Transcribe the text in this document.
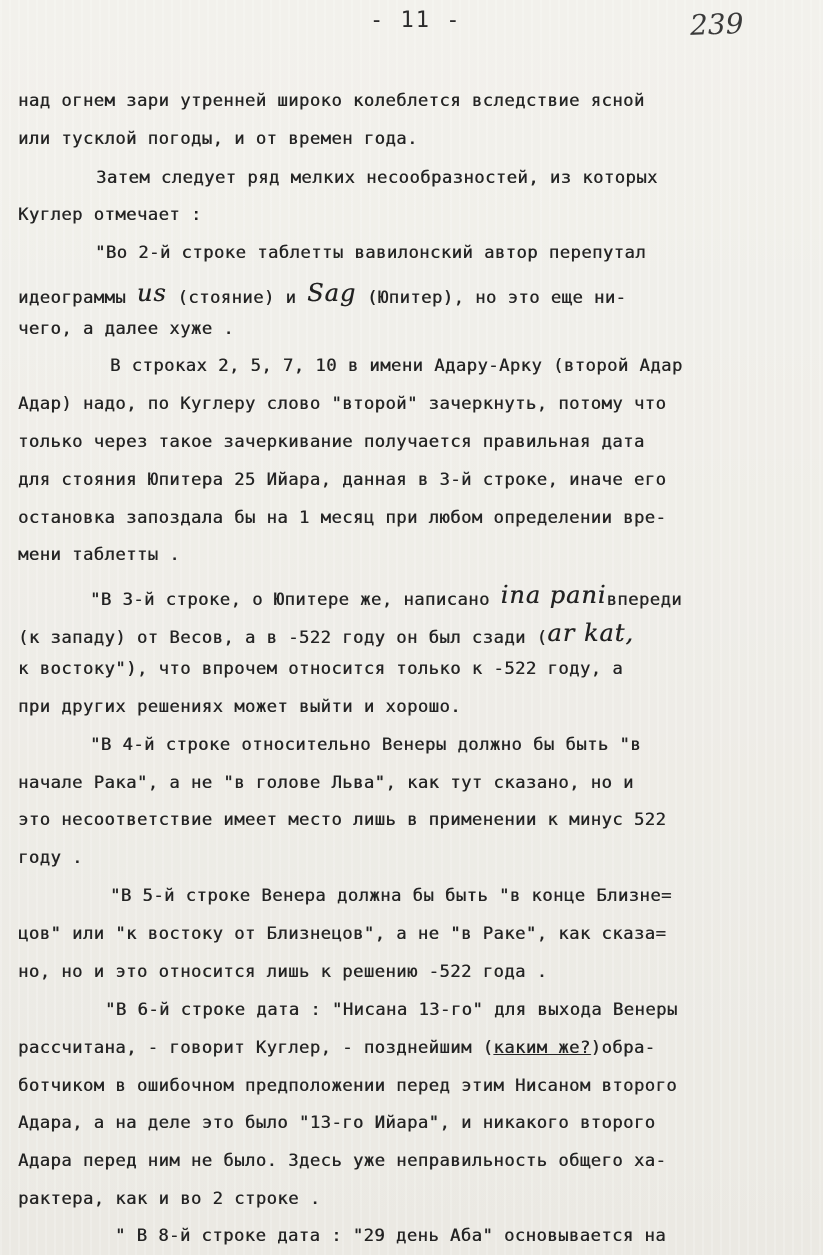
- 11 -	239
над огнем зари утренней широко колеблется вследствие ясной
или тусклой погоды, и от времен года.
Затем следует ряд мелких несообразностей, из которых
Куглер отмечает :
"Во 2-й строке таблетты вавилонский автор перепутал
идеограммы us (стояние) и Sag (Юпитер), но это еще ни-
чего, а далее хуже .
В строках 2, 5, 7, 10 в имени Адару-Арку (второй Адар
Адар) надо, по Куглеру слово "второй" зачеркнуть, потому что
только через такое зачеркивание получается правильная дата
для стояния Юпитера 25 Ийара, данная в 3-й строке, иначе его
остановка запоздала бы на 1 месяц при любом определении вре-
мени таблетты .
"В 3-й строке, о Юпитере же, написано ina paniвпереди
(к западу) от Весов, а в -522 году он был сзади (ar kat,
к востоку"), что впрочем относится только к -522 году, а
при других решениях может выйти и хорошо.
"В 4-й строке относительно Венеры должно бы быть "в
начале Рака", а не "в голове Льва", как тут сказано, но и
это несоответствие имеет место лишь в применении к минус 522
году .
"В 5-й строке Венера должна бы быть "в конце Близне=
цов" или "к востоку от Близнецов", а не "в Раке", как сказа=
но, но и это относится лишь к решению -522 года .
"В 6-й строке дата : "Нисана 13-го" для выхода Венеры
рассчитана, - говорит Куглер, - позднейшим (каким же?)обра-
ботчиком в ошибочном предположении перед этим Нисаном второго
Адара, а на деле это было "13-го Ийара", и никакого второго
Адара перед ним не было. Здесь уже неправильность общего ха-
рактера, как и во 2 строке .
" В 8-й строке дата : "29 день Аба" основывается на
